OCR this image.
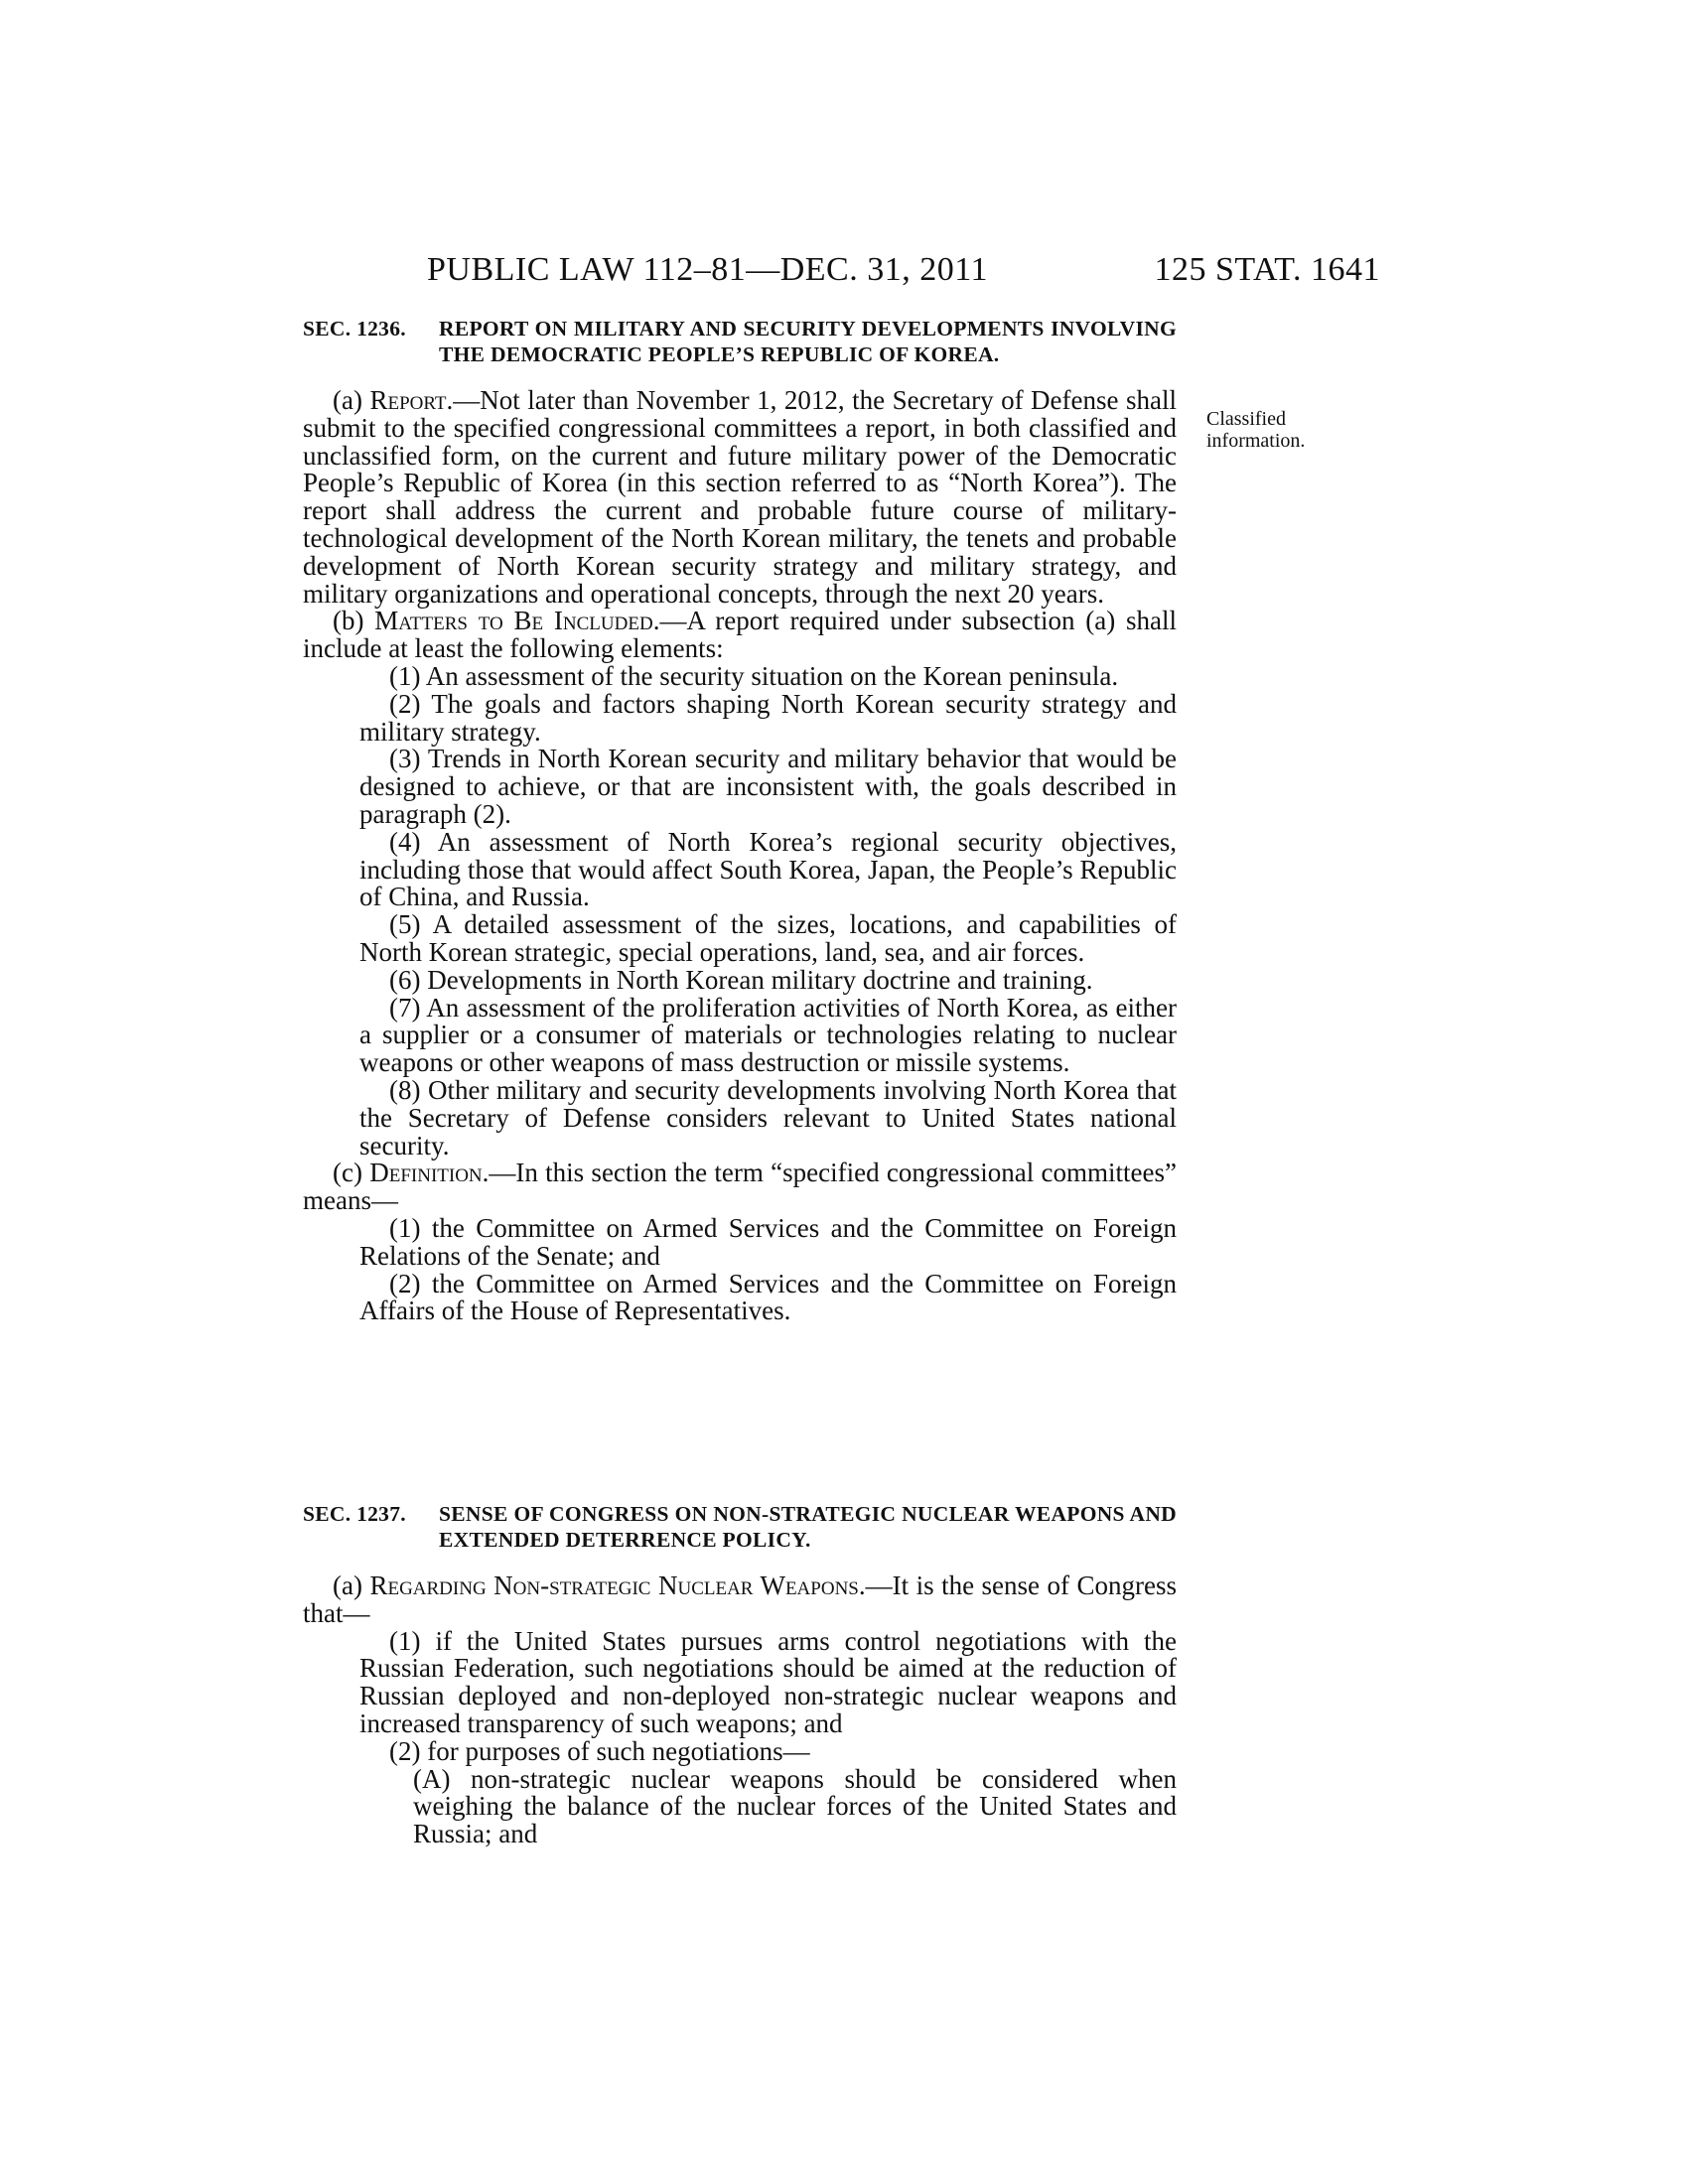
PUBLIC LAW 112–81—DEC. 31, 2011	125 STAT. 1641
Classified
information.
SEC. 1236.	REPORT ON MILITARY AND SECURITY DEVELOPMENTS INVOLVING THE DEMOCRATIC PEOPLE’S REPUBLIC OF KOREA.

(a) Report.—Not later than November 1, 2012, the Secretary of Defense shall submit to the specified congressional committees a report, in both classified and unclassified form, on the current and future military power of the Democratic People’s Republic of Korea (in this section referred to as “North Korea”). The report shall address the current and probable future course of military-technological development of the North Korean military, the tenets and probable development of North Korean security strategy and military strategy, and military organizations and operational concepts, through the next 20 years.

(b) Matters to Be Included.—A report required under subsection (a) shall include at least the following elements:

(1) An assessment of the security situation on the Korean peninsula.

(2) The goals and factors shaping North Korean security strategy and military strategy.

(3) Trends in North Korean security and military behavior that would be designed to achieve, or that are inconsistent with, the goals described in paragraph (2).

(4) An assessment of North Korea’s regional security objectives, including those that would affect South Korea, Japan, the People’s Republic of China, and Russia.

(5) A detailed assessment of the sizes, locations, and capabilities of North Korean strategic, special operations, land, sea, and air forces.

(6) Developments in North Korean military doctrine and training.

(7) An assessment of the proliferation activities of North Korea, as either a supplier or a consumer of materials or technologies relating to nuclear weapons or other weapons of mass destruction or missile systems.

(8) Other military and security developments involving North Korea that the Secretary of Defense considers relevant to United States national security.

(c) Definition.—In this section the term “specified congressional committees” means—

(1) the Committee on Armed Services and the Committee on Foreign Relations of the Senate; and

(2) the Committee on Armed Services and the Committee on Foreign Affairs of the House of Representatives.

SEC. 1237.	SENSE OF CONGRESS ON NON-STRATEGIC NUCLEAR WEAPONS AND EXTENDED DETERRENCE POLICY.

(a) Regarding Non-strategic Nuclear Weapons.—It is the sense of Congress that—

(1) if the United States pursues arms control negotiations with the Russian Federation, such negotiations should be aimed at the reduction of Russian deployed and non-deployed non-strategic nuclear weapons and increased transparency of such weapons; and

(2) for purposes of such negotiations—

(A) non-strategic nuclear weapons should be considered when weighing the balance of the nuclear forces of the United States and Russia; and
